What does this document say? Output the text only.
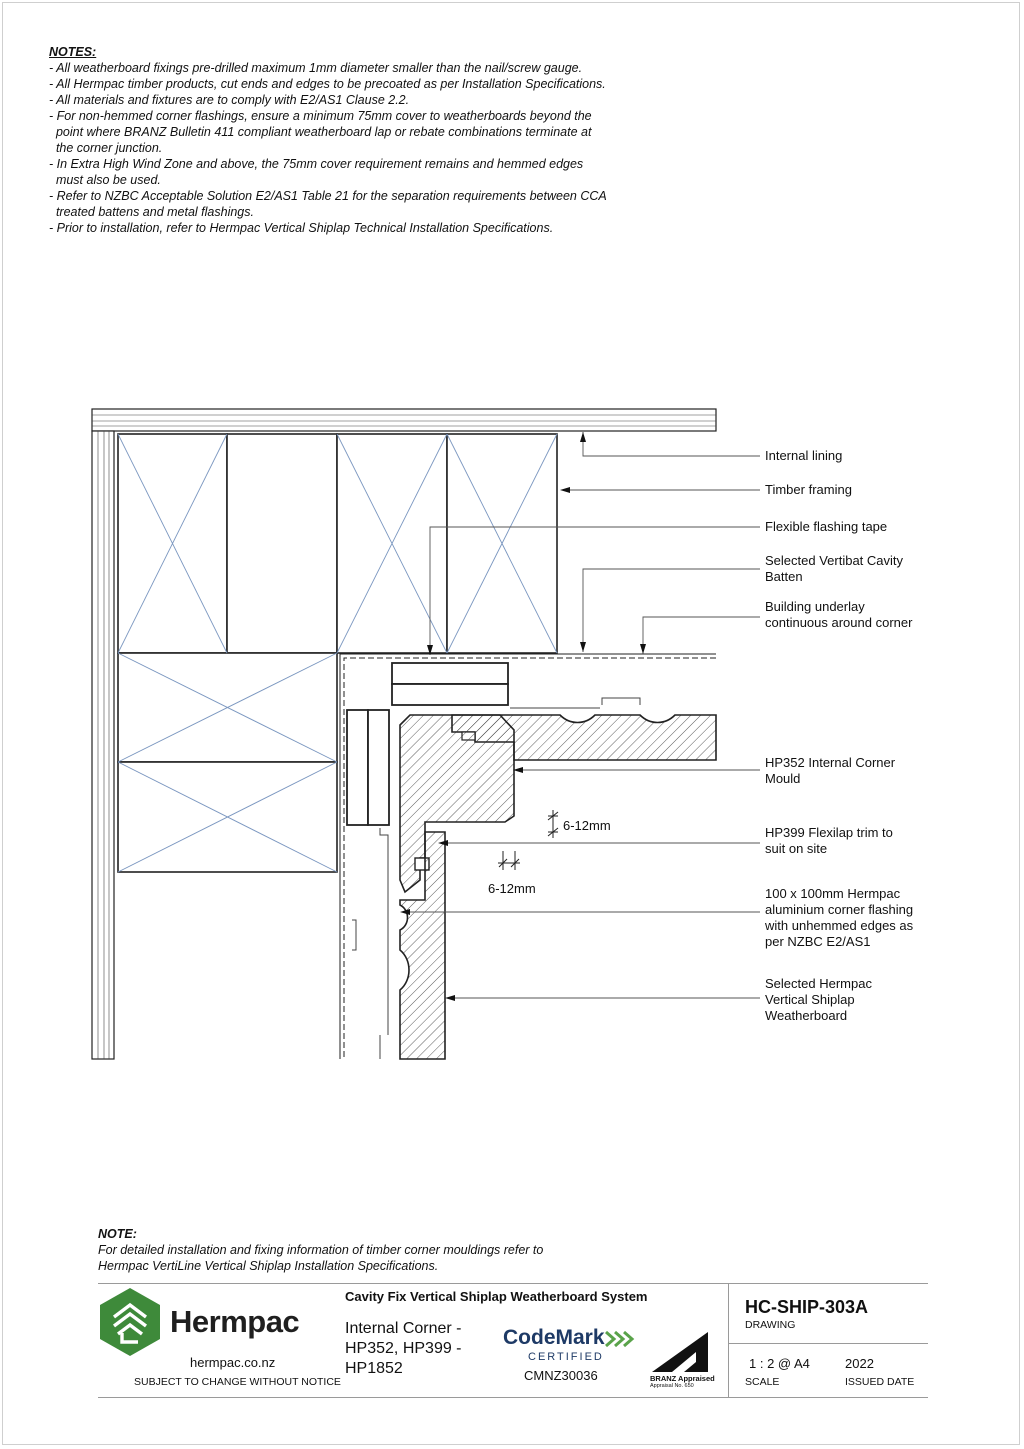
NOTES:
- All weatherboard fixings pre-drilled maximum 1mm diameter smaller than the nail/screw gauge.
- All Hermpac timber products, cut ends and edges to be precoated as per Installation Specifications.
- All materials and fixtures are to comply with E2/AS1 Clause 2.2.
- For non-hemmed corner flashings, ensure a minimum 75mm cover to weatherboards beyond the
point where BRANZ Bulletin 411 compliant weatherboard lap or rebate combinations terminate at
the corner junction.
- In Extra High Wind Zone and above, the 75mm cover requirement remains and hemmed edges
must also be used.
- Refer to NZBC Acceptable Solution E2/AS1 Table 21 for the separation requirements between CCA
treated battens and metal flashings.
- Prior to installation, refer to Hermpac Vertical Shiplap Technical Installation Specifications.
Internal lining
Timber framing
Flexible flashing tape
Selected Vertibat Cavity
Batten
Building underlay
continuous around corner
HP352 Internal Corner
Mould
HP399 Flexilap trim to
suit on site
100 x 100mm Hermpac
aluminium corner flashing
with unhemmed edges as
per NZBC E2/AS1
Selected Hermpac
Vertical Shiplap
Weatherboard
6-12mm
6-12mm
NOTE:
For detailed installation and fixing information of timber corner mouldings refer to
Hermpac VertiLine Vertical Shiplap Installation Specifications.
Hermpac
hermpac.co.nz
SUBJECT TO CHANGE WITHOUT NOTICE
Cavity Fix Vertical Shiplap Weatherboard System
Internal Corner -
HP352, HP399 -
HP1852
CodeMark
CERTIFIED
CMNZ30036	BRANZ Appraised
Appraisal No. 650
HC-SHIP-303A
DRAWING
1 : 2 @ A4
SCALE
2022
ISSUED DATE
